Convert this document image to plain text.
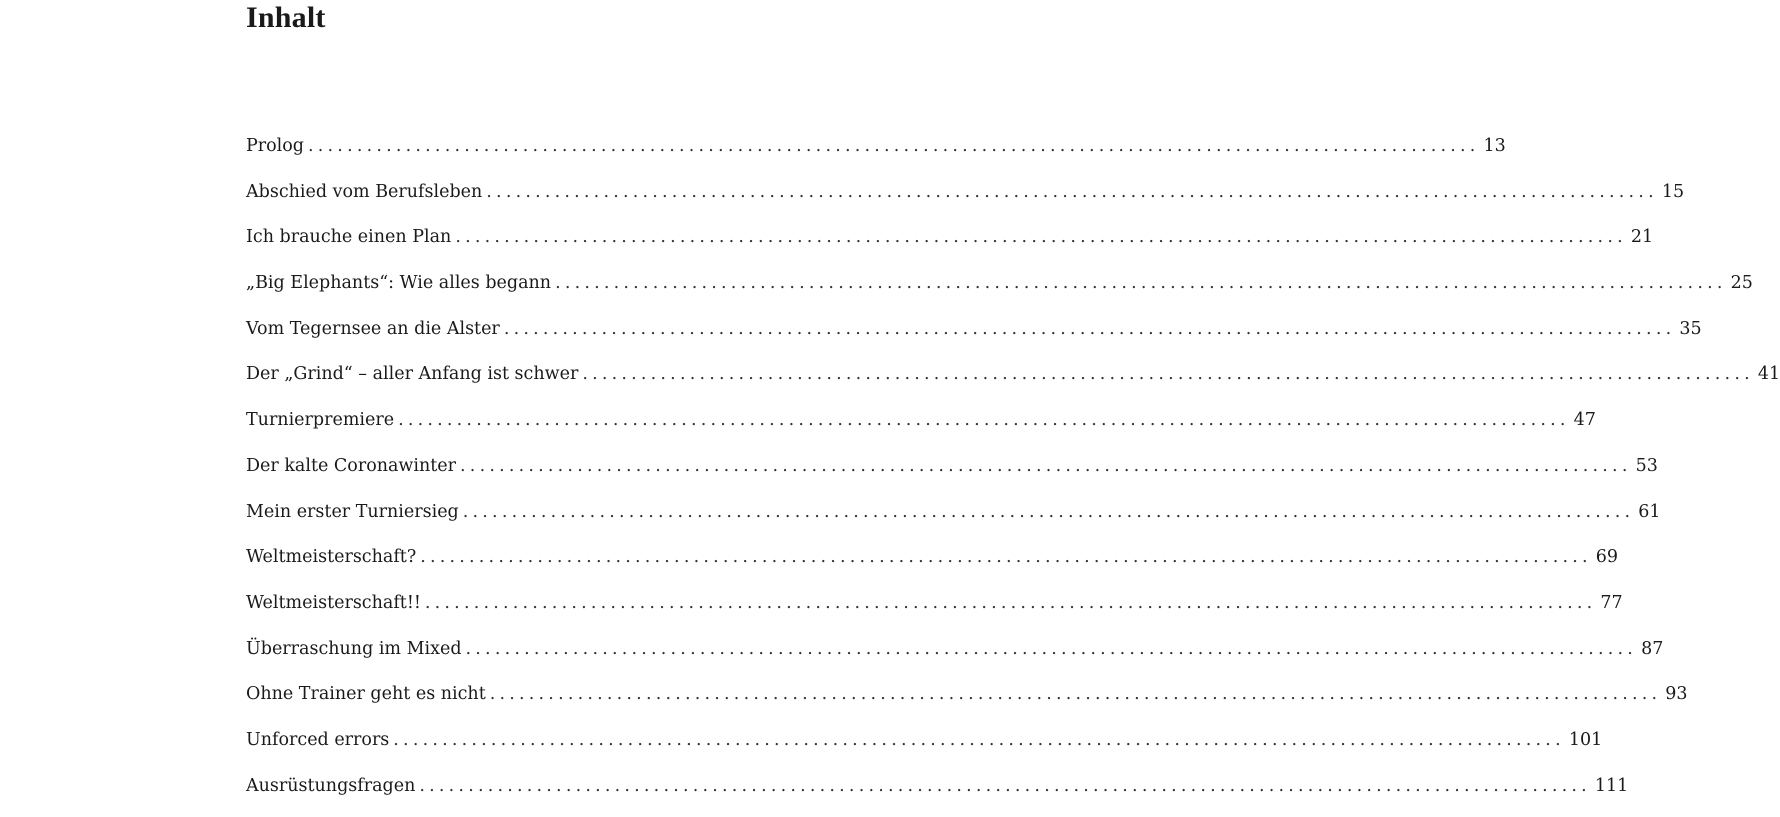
Inhalt
Prolog ........................................................................................................................ 13
Abschied vom Berufsleben ........................................................................................................................ 15
Ich brauche einen Plan ........................................................................................................................ 21
„Big Elephants“: Wie alles begann ........................................................................................................................ 25
Vom Tegernsee an die Alster ........................................................................................................................ 35
Der „Grind“ – aller Anfang ist schwer ........................................................................................................................ 41
Turnierpremiere ........................................................................................................................ 47
Der kalte Coronawinter ........................................................................................................................ 53
Mein erster Turniersieg ........................................................................................................................ 61
Weltmeisterschaft? ........................................................................................................................ 69
Weltmeisterschaft!! ........................................................................................................................ 77
Überraschung im Mixed ........................................................................................................................ 87
Ohne Trainer geht es nicht ........................................................................................................................ 93
Unforced errors ........................................................................................................................ 101
Ausrüstungsfragen ........................................................................................................................ 111
